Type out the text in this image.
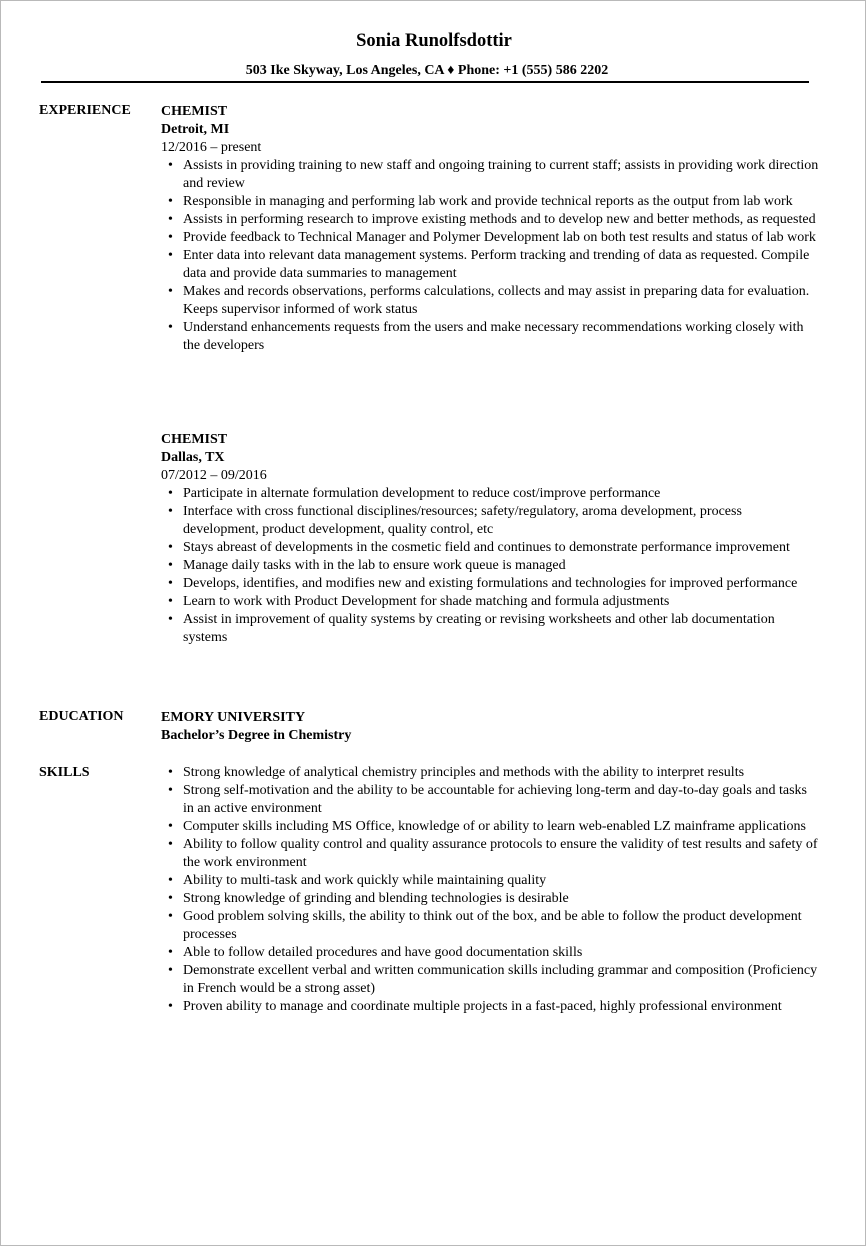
Sonia Runolfsdottir
503 Ike Skyway, Los Angeles, CA ♦ Phone: +1 (555) 586 2202
EXPERIENCE CHEMIST
Detroit, MI
12/2016 – present
• Assists in providing training to new staff and ongoing training to current staff; assists in providing work direction and review
• Responsible in managing and performing lab work and provide technical reports as the output from lab work
• Assists in performing research to improve existing methods and to develop new and better methods, as requested
• Provide feedback to Technical Manager and Polymer Development lab on both test results and status of lab work
• Enter data into relevant data management systems. Perform tracking and trending of data as requested. Compile data and provide data summaries to management
• Makes and records observations, performs calculations, collects and may assist in preparing data for evaluation. Keeps supervisor informed of work status
• Understand enhancements requests from the users and make necessary recommendations working closely with the developers
CHEMIST
Dallas, TX
07/2012 – 09/2016
• Participate in alternate formulation development to reduce cost/improve performance
• Interface with cross functional disciplines/resources; safety/regulatory, aroma development, process development, product development, quality control, etc
• Stays abreast of developments in the cosmetic field and continues to demonstrate performance improvement
• Manage daily tasks with in the lab to ensure work queue is managed
• Develops, identifies, and modifies new and existing formulations and technologies for improved performance
• Learn to work with Product Development for shade matching and formula adjustments
• Assist in improvement of quality systems by creating or revising worksheets and other lab documentation systems
EDUCATION	EMORY UNIVERSITY
Bachelor’s Degree in Chemistry
SKILLS
•	Strong knowledge of analytical chemistry principles and methods with the ability to interpret results
• Strong self-motivation and the ability to be accountable for achieving long-term and day-to-day goals and tasks in an active environment
• Computer skills including MS Office, knowledge of or ability to learn web-enabled LZ mainframe applications
• Ability to follow quality control and quality assurance protocols to ensure the validity of test results and safety of the work environment
• Ability to multi-task and work quickly while maintaining quality
• Strong knowledge of grinding and blending technologies is desirable
• Good problem solving skills, the ability to think out of the box, and be able to follow the product development processes
• Able to follow detailed procedures and have good documentation skills
• Demonstrate excellent verbal and written communication skills including grammar and composition (Proficiency in French would be a strong asset)
• Proven ability to manage and coordinate multiple projects in a fast-paced, highly professional environment
